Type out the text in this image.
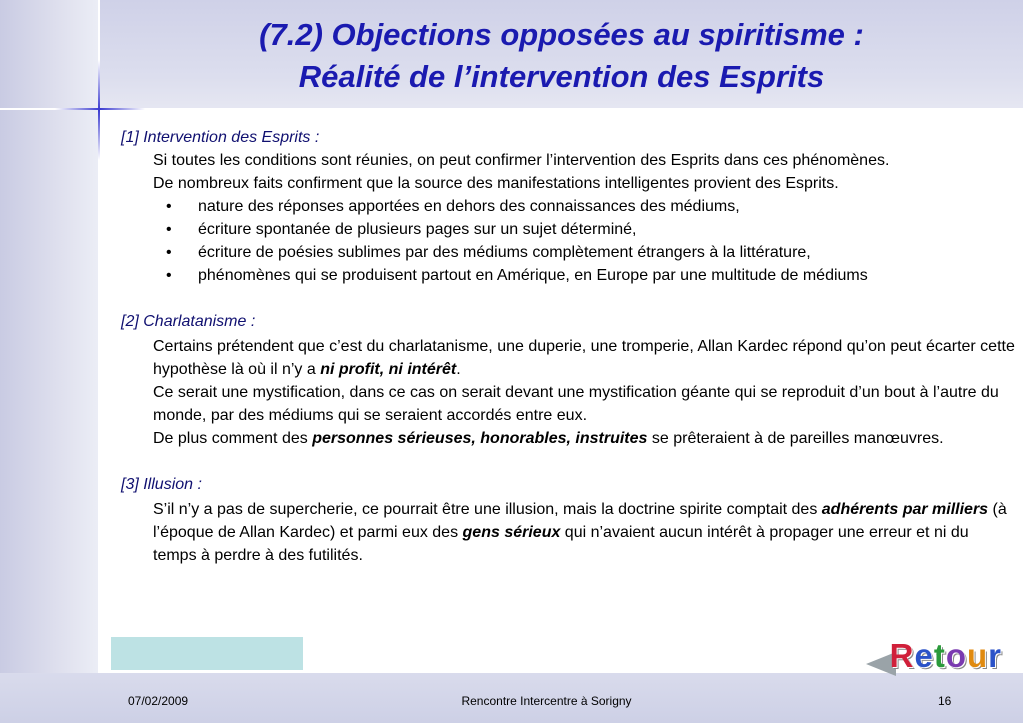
(7.2) Objections opposées au spiritisme :
Réalité de l’intervention des Esprits

[1] Intervention des Esprits :

Si toutes les conditions sont réunies, on peut confirmer l’intervention des Esprits dans ces phénomènes.

De nombreux faits confirment que la source des manifestations intelligentes provient des Esprits.

• nature des réponses apportées en dehors des connaissances des médiums,
• écriture spontanée de plusieurs pages sur un sujet déterminé,
• écriture de poésies sublimes par des médiums complètement étrangers à la littérature,
• phénomènes qui se produisent partout en Amérique, en Europe par une multitude de médiums

[2] Charlatanisme :

Certains prétendent que c’est du charlatanisme, une duperie, une tromperie, Allan Kardec répond qu’on peut écarter cette hypothèse là où il n’y a ni profit, ni intérêt.

Ce serait une mystification, dans ce cas on serait devant une mystification géante qui se reproduit d’un bout à l’autre du monde, par des médiums qui se seraient accordés entre eux.

De plus comment des personnes sérieuses, honorables, instruites se prêteraient à de pareilles manœuvres.

[3] Illusion :

S’il n’y a pas de supercherie, ce pourrait être une illusion, mais la doctrine spirite comptait des adhérents par milliers (à l’époque de Allan Kardec) et parmi eux des gens sérieux qui n’avaient aucun intérêt à propager une erreur et ni du temps à perdre à des futilités.

Retour
07/02/2009	Rencontre Intercentre à Sorigny	16
